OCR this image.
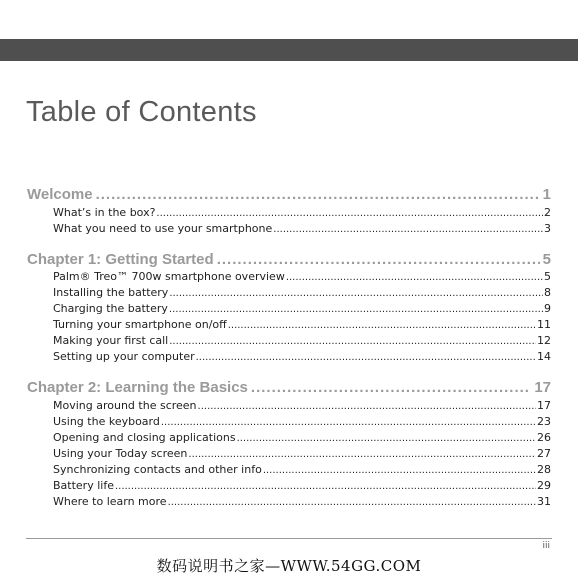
Table of Contents
Welcome .....	1
What’s in the box? .....	2
What you need to use your smartphone .....	3
Chapter 1: Getting Started .....	5
Palm® Treo™ 700w smartphone overview .....	5
Installing the battery .....	8
Charging the battery .....	9
Turning your smartphone on/off .....	11
Making your first call .....	12
Setting up your computer .....	14
Chapter 2: Learning the Basics .....	17
Moving around the screen .....	17
Using the keyboard .....	23
Opening and closing applications .....	26
Using your Today screen .....	27
Synchronizing contacts and other info .....	28
Battery life .....	29
Where to learn more .....	31
iii
数码说明书之家—WWW.54GG.COM
